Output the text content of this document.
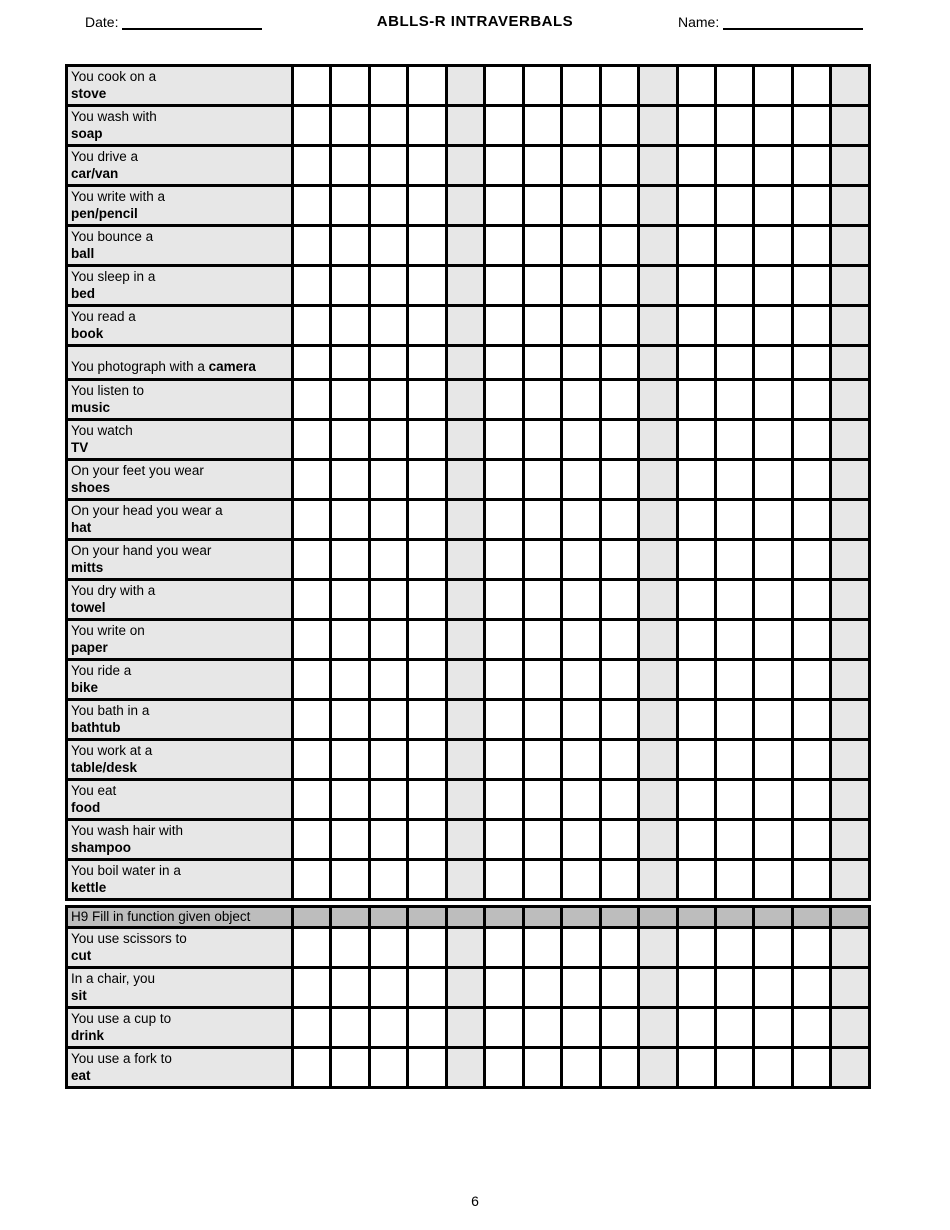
Date:	ABLLS-R INTRAVERBALS	Name:
You cook on a
stove															

You wash with
soap															

You drive a
car/van															

You write with a
pen/pencil															

You bounce a
ball															

You sleep in a
bed															

You read a
book															

You photograph with a camera															

You listen to
music															

You watch
TV															

On your feet you wear
shoes															

On your head you wear a
hat															

On your hand you wear
mitts															

You dry with a
towel															

You write on
paper															

You ride a
bike															

You bath in a
bathtub															

You work at a
table/desk															

You eat
food															

You wash hair with
shampoo															

You boil water in a
kettle															

H9 Fill in function given object															

You use scissors to
cut															

In a chair, you
sit															

You use a cup to
drink															

You use a fork to
eat															

6
